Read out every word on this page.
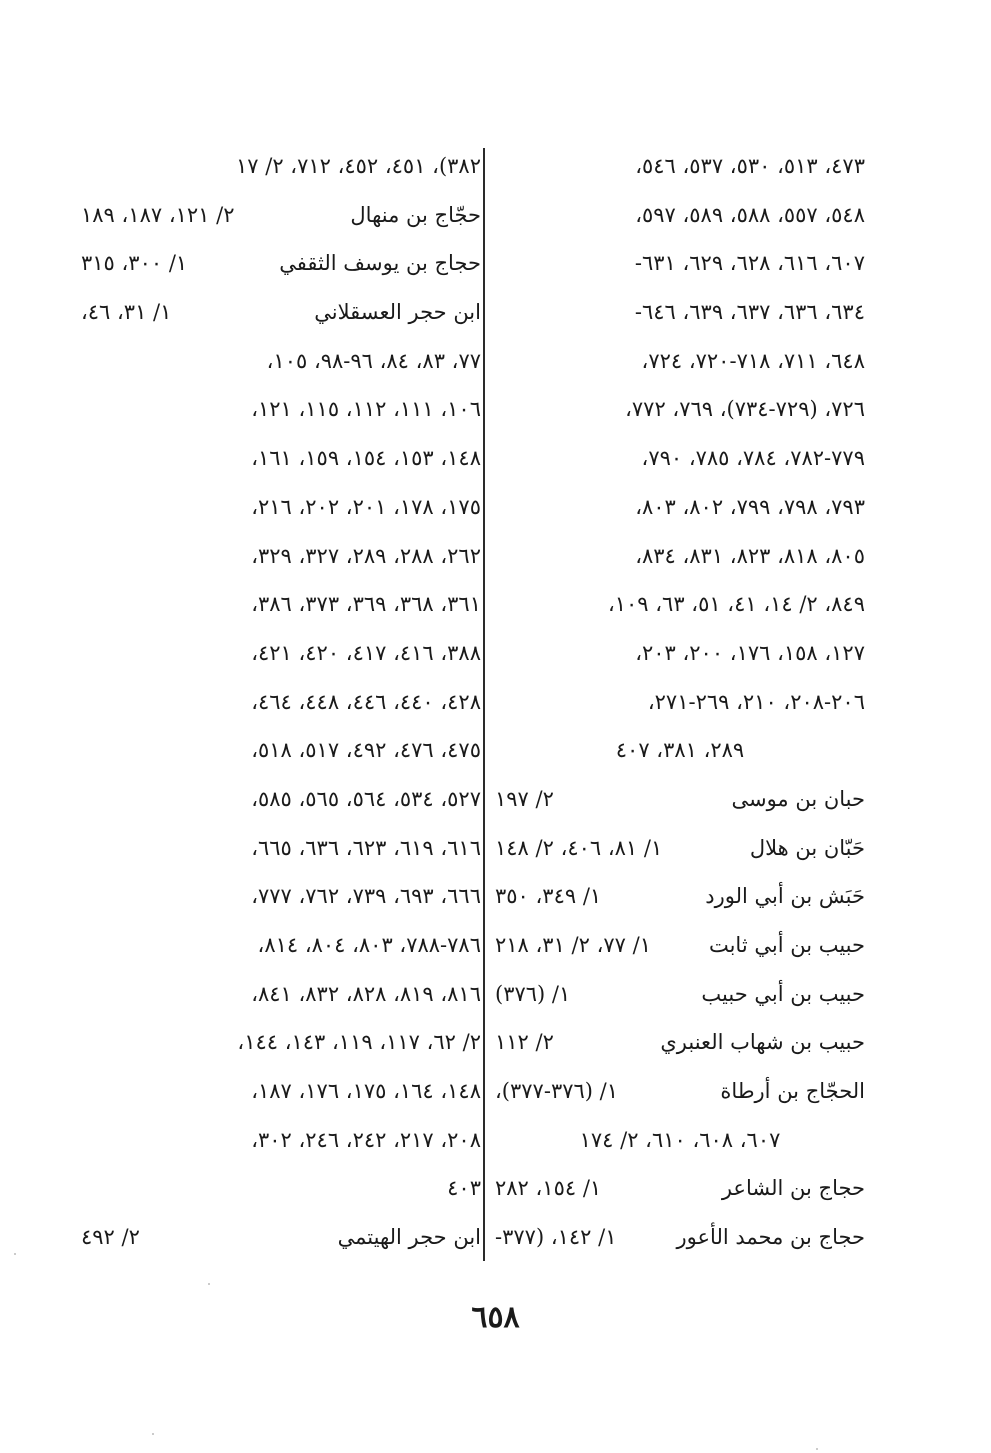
٤٧٣، ٥١٣، ٥٣٠، ٥٣٧، ٥٤٦،
٥٤٨، ٥٥٧، ٥٨٨، ٥٨٩، ٥٩٧،
٦٠٧، ٦١٦، ٦٢٨، ٦٢٩، ٦٣١-
٦٣٤، ٦٣٦، ٦٣٧، ٦٣٩، ٦٤٦-
٦٤٨، ٧١١، ٧١٨-٧٢٠، ٧٢٤،
٧٢٦، (٧٢٩-٧٣٤)، ٧٦٩، ٧٧٢،
٧٧٩-٧٨٢، ٧٨٤، ٧٨٥، ٧٩٠،
٧٩٣، ٧٩٨، ٧٩٩، ٨٠٢، ٨٠٣،
٨٠٥، ٨١٨، ٨٢٣، ٨٣١، ٨٣٤،
٨٤٩، ٢/ ١٤، ٤١، ٥١، ٦٣، ١٠٩،
١٢٧، ١٥٨، ١٧٦، ٢٠٠، ٢٠٣،
٢٠٦-٢٠٨، ٢١٠، ٢٦٩-٢٧١،
٢٨٩، ٣٨١، ٤٠٧
حبان بن موسى
٢/ ١٩٧
حَبّان بن هلال
١/ ٨١، ٤٠٦، ٢/ ١٤٨
حَبَش بن أبي الورد
١/ ٣٤٩، ٣٥٠
حبيب بن أبي ثابت
١/ ٧٧، ٢/ ٣١، ٢١٨
حبيب بن أبي حبيب
١/ (٣٧٦)
حبيب بن شهاب العنبري
٢/ ١١٢
الحجّاج بن أرطاة
١/ (٣٧٦-٣٧٧)،
٦٠٧، ٦٠٨، ٦١٠، ٢/ ١٧٤
حجاج بن الشاعر
١/ ١٥٤، ٢٨٢
حجاج بن محمد الأعور
١/ ١٤٢، (٣٧٧-
٣٨٢)، ٤٥١، ٤٥٢، ٧١٢، ٢/ ١٧
حجّاج بن منهال
٢/ ١٢١، ١٨٧، ١٨٩
حجاج بن يوسف الثقفي
١/ ٣٠٠، ٣١٥
ابن حجر العسقلاني
١/ ٣١، ٤٦،
٧٧، ٨٣، ٨٤، ٩٦-٩٨، ١٠٥،
١٠٦، ١١١، ١١٢، ١١٥، ١٢١،
١٤٨، ١٥٣، ١٥٤، ١٥٩، ١٦١،
١٧٥، ١٧٨، ٢٠١، ٢٠٢، ٢١٦،
٢٦٢، ٢٨٨، ٢٨٩، ٣٢٧، ٣٢٩،
٣٦١، ٣٦٨، ٣٦٩، ٣٧٣، ٣٨٦،
٣٨٨، ٤١٦، ٤١٧، ٤٢٠، ٤٢١،
٤٢٨، ٤٤٠، ٤٤٦، ٤٤٨، ٤٦٤،
٤٧٥، ٤٧٦، ٤٩٢، ٥١٧، ٥١٨،
٥٢٧، ٥٣٤، ٥٦٤، ٥٦٥، ٥٨٥،
٦١٦، ٦١٩، ٦٢٣، ٦٣٦، ٦٦٥،
٦٦٦، ٦٩٣، ٧٣٩، ٧٦٢، ٧٧٧،
٧٨٦-٧٨٨، ٨٠٣، ٨٠٤، ٨١٤،
٨١٦، ٨١٩، ٨٢٨، ٨٣٢، ٨٤١،
٢/ ٦٢، ١١٧، ١١٩، ١٤٣، ١٤٤،
١٤٨، ١٦٤، ١٧٥، ١٧٦، ١٨٧،
٢٠٨، ٢١٧، ٢٤٢، ٢٤٦، ٣٠٢،
٤٠٣
ابن حجر الهيتمي
٢/ ٤٩٢
٦٥٨
